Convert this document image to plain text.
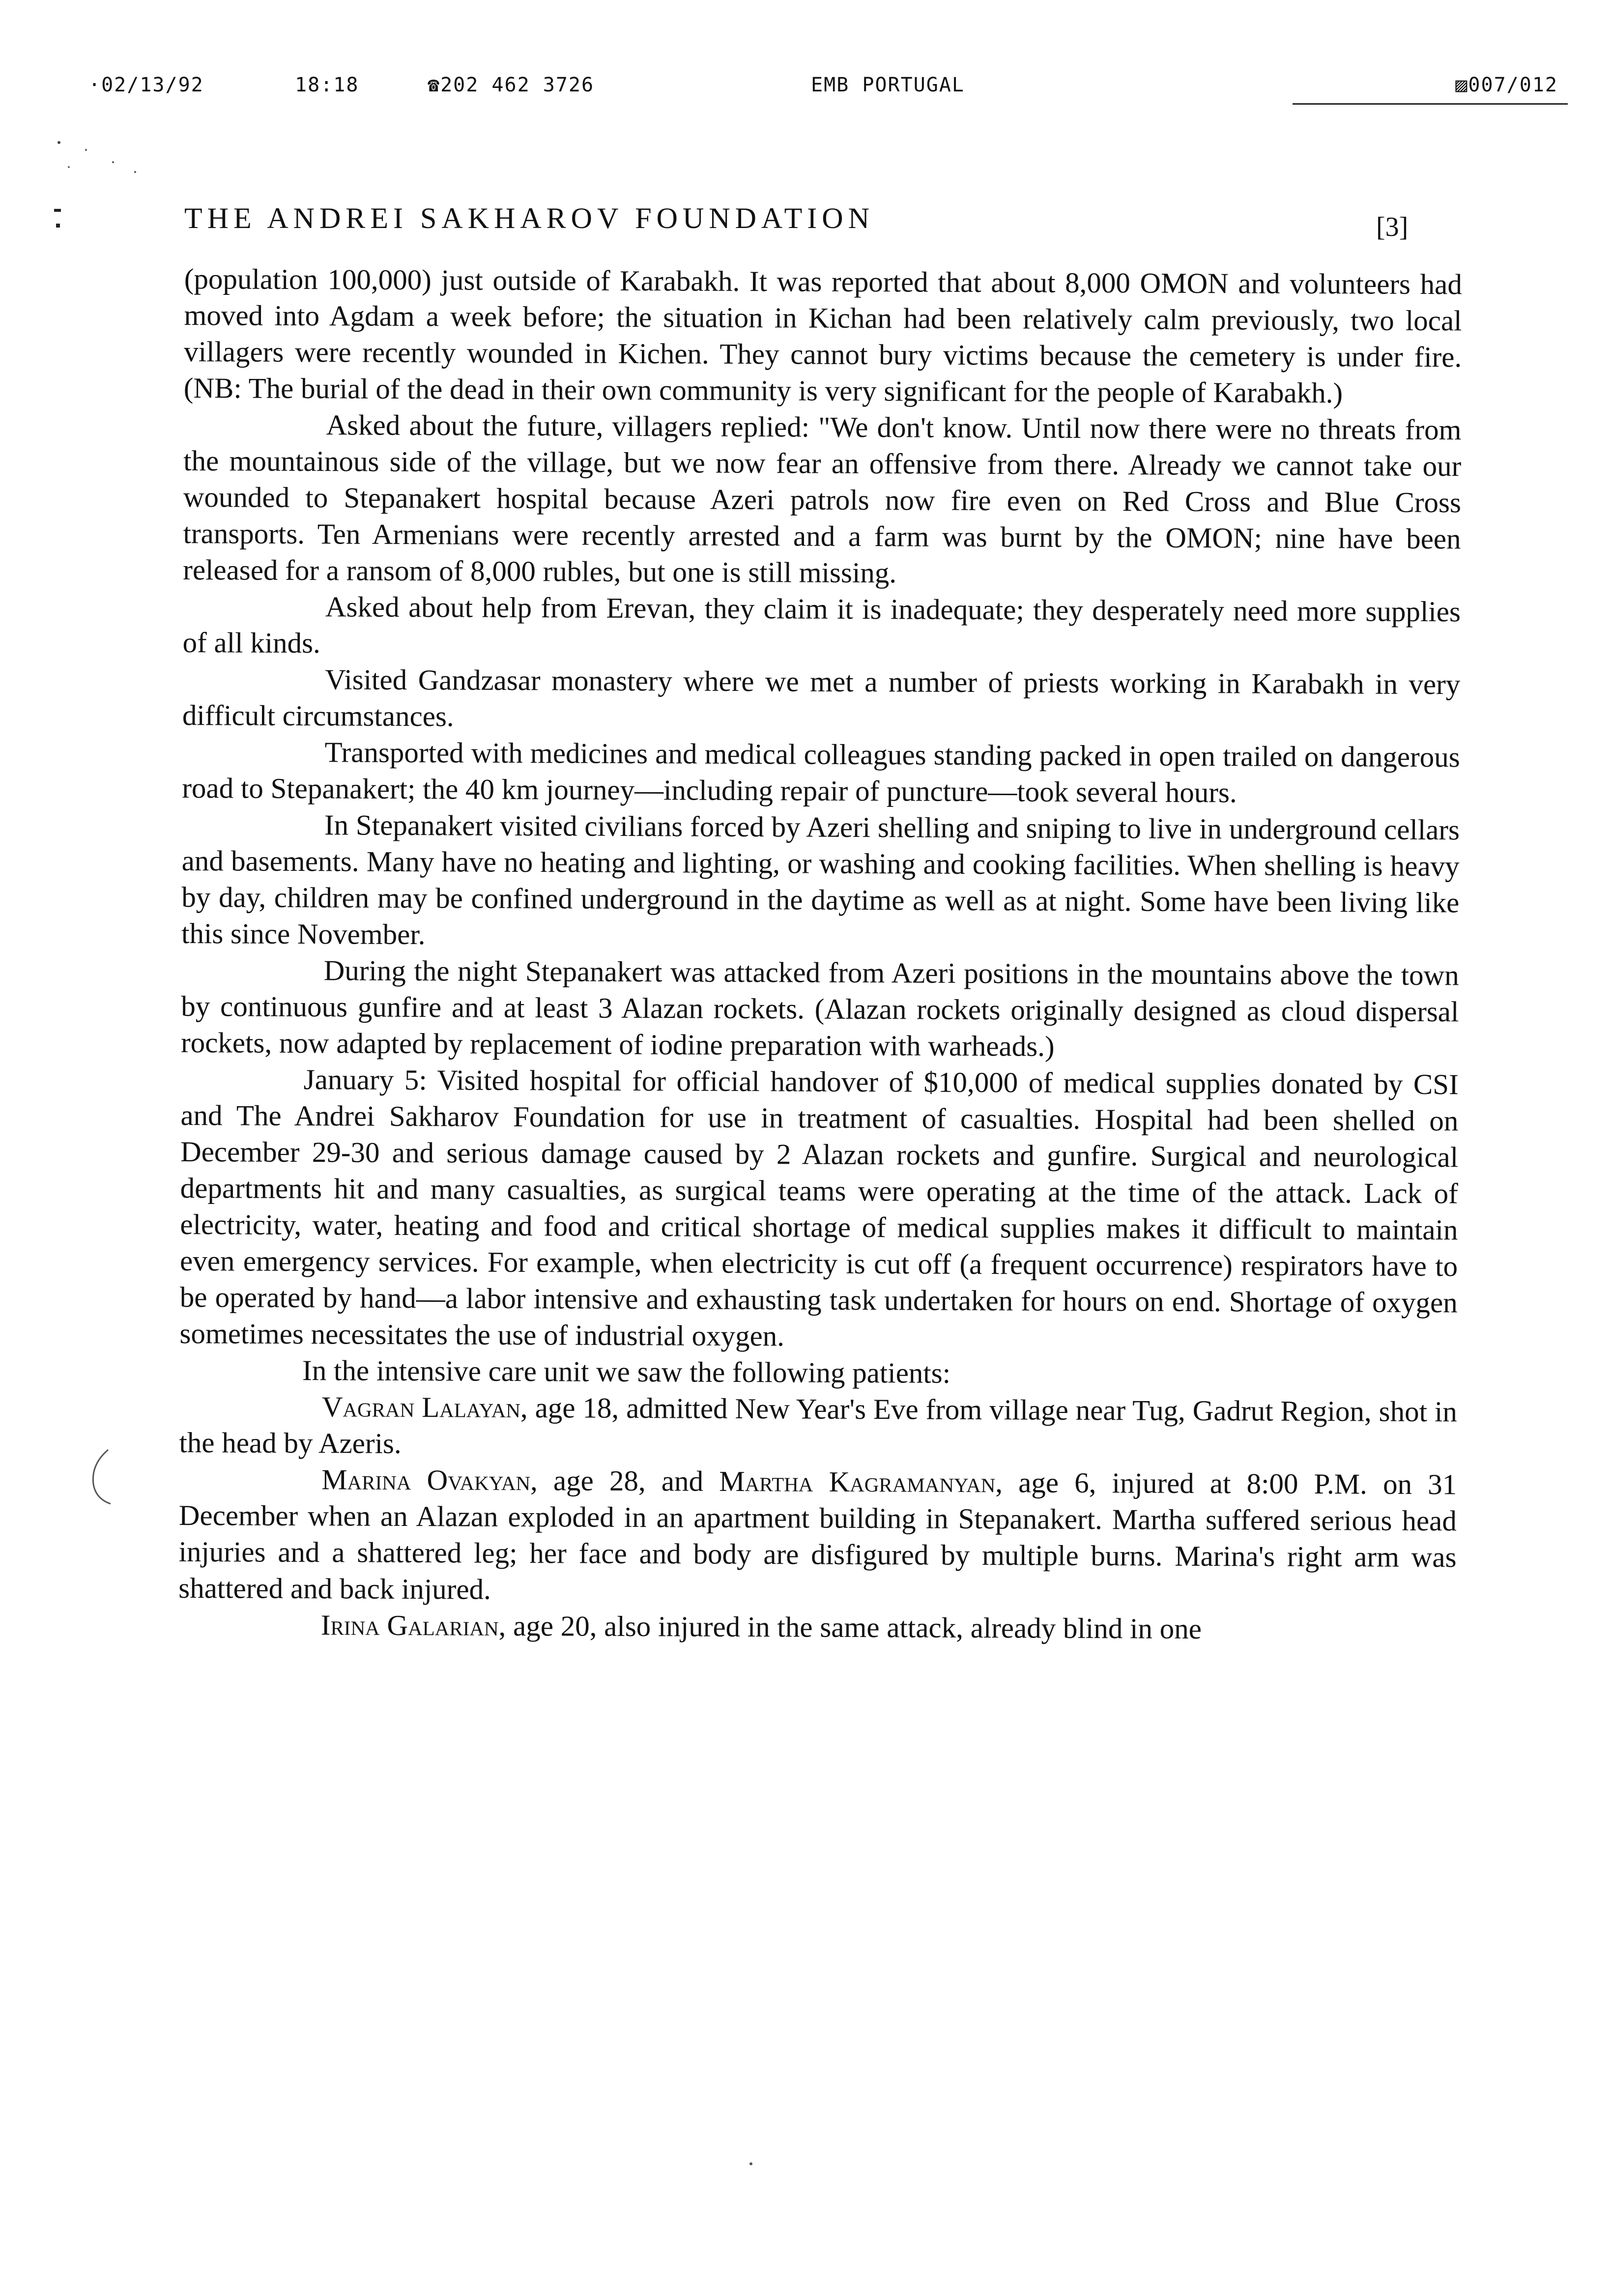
·02/13/92	18:18	☎202 462 3726	EMB PORTUGAL	▨007/012
THE ANDREI SAKHAROV FOUNDATION	[3]

(population 100,000) just outside of Karabakh. It was reported that about 8,000 OMON and volunteers had moved into Agdam a week before; the situation in Kichan had been relatively calm previously, two local villagers were recently wounded in Kichen. They cannot bury victims because the cemetery is under fire. (NB: The burial of the dead in their own community is very significant for the people of Karabakh.)

Asked about the future, villagers replied: "We don't know. Until now there were no threats from the mountainous side of the village, but we now fear an offensive from there. Already we cannot take our wounded to Stepanakert hospital because Azeri patrols now fire even on Red Cross and Blue Cross transports. Ten Armenians were recently arrested and a farm was burnt by the OMON; nine have been released for a ransom of 8,000 rubles, but one is still missing.

Asked about help from Erevan, they claim it is inadequate; they desperately need more supplies of all kinds.

Visited Gandzasar monastery where we met a number of priests working in Karabakh in very difficult circumstances.

Transported with medicines and medical colleagues standing packed in open trailed on dangerous road to Stepanakert; the 40 km journey—including repair of puncture—took several hours.

In Stepanakert visited civilians forced by Azeri shelling and sniping to live in underground cellars and basements. Many have no heating and lighting, or washing and cooking facilities. When shelling is heavy by day, children may be confined underground in the daytime as well as at night. Some have been living like this since November.

During the night Stepanakert was attacked from Azeri positions in the mountains above the town by continuous gunfire and at least 3 Alazan rockets. (Alazan rockets originally designed as cloud dispersal rockets, now adapted by replacement of iodine preparation with warheads.)

January 5: Visited hospital for official handover of $10,000 of medical supplies donated by CSI and The Andrei Sakharov Foundation for use in treatment of casualties. Hospital had been shelled on December 29-30 and serious damage caused by 2 Alazan rockets and gunfire. Surgical and neurological departments hit and many casualties, as surgical teams were operating at the time of the attack. Lack of electricity, water, heating and food and critical shortage of medical supplies makes it difficult to maintain even emergency services. For example, when electricity is cut off (a frequent occurrence) respirators have to be operated by hand—a labor intensive and exhausting task undertaken for hours on end. Shortage of oxygen sometimes necessitates the use of industrial oxygen.

In the intensive care unit we saw the following patients:

Vagran Lalayan, age 18, admitted New Year's Eve from village near Tug, Gadrut Region, shot in the head by Azeris.

Marina Ovakyan, age 28, and Martha Kagramanyan, age 6, injured at 8:00 P.M. on 31 December when an Alazan exploded in an apartment building in Stepanakert. Martha suffered serious head injuries and a shattered leg; her face and body are disfigured by multiple burns. Marina's right arm was shattered and back injured.

Irina Galarian, age 20, also injured in the same attack, already blind in one
